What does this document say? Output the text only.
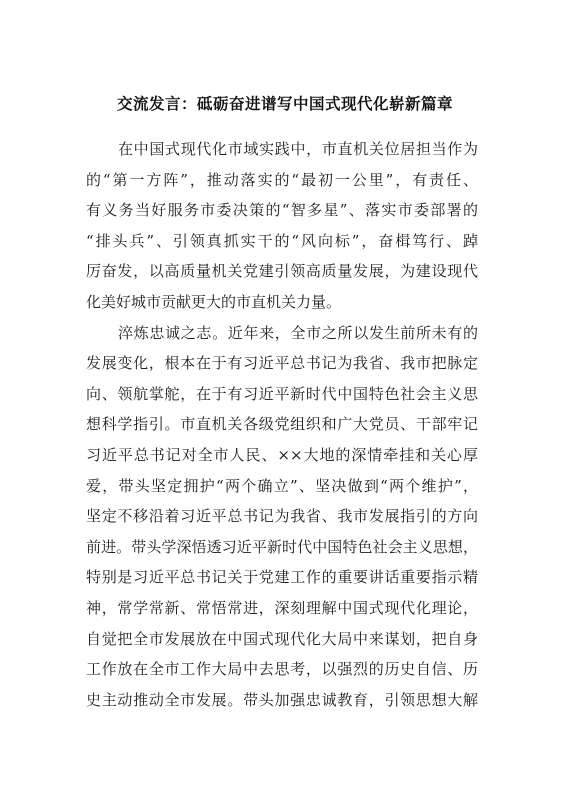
交流发言：砥砺奋进谱写中国式现代化崭新篇章
在中国式现代化市域实践中，市直机关位居担当作为
的“第一方阵”，推动落实的“最初一公里”，有责任、
有义务当好服务市委决策的“智多星”、落实市委部署的
“排头兵”、引领真抓实干的“风向标”，奋楫笃行、踔
厉奋发，以高质量机关党建引领高质量发展，为建设现代
化美好城市贡献更大的市直机关力量。
淬炼忠诚之志。近年来，全市之所以发生前所未有的
发展变化，根本在于有习近平总书记为我省、我市把脉定
向、领航掌舵，在于有习近平新时代中国特色社会主义思
想科学指引。市直机关各级党组织和广大党员、干部牢记
习近平总书记对全市人民、××大地的深情牵挂和关心厚
爱，带头坚定拥护“两个确立”、坚决做到“两个维护”，
坚定不移沿着习近平总书记为我省、我市发展指引的方向
前进。带头学深悟透习近平新时代中国特色社会主义思想，
特别是习近平总书记关于党建工作的重要讲话重要指示精
神，常学常新、常悟常进，深刻理解中国式现代化理论，
自觉把全市发展放在中国式现代化大局中来谋划，把自身
工作放在全市工作大局中去思考，以强烈的历史自信、历
史主动推动全市发展。带头加强忠诚教育，引领思想大解
